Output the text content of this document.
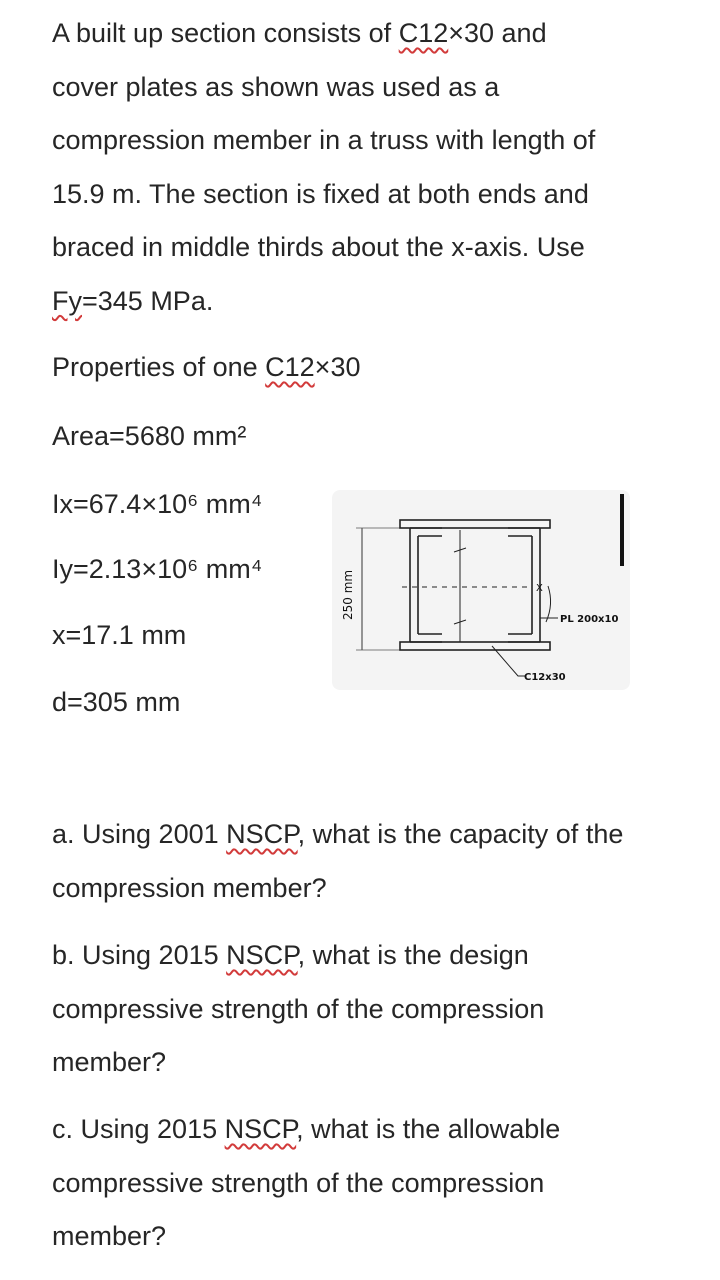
A built up section consists of C12×30 and
cover plates as shown was used as a
compression member in a truss with length of
15.9 m. The section is fixed at both ends and
braced in middle thirds about the x-axis. Use
Fy=345 MPa.
Properties of one C12×30
Area=5680 mm²
Ix=67.4×10⁶ mm⁴
Iy=2.13×10⁶ mm⁴
x=17.1 mm
d=305 mm
250 mm	X
PL 200x10
C12x30
a. Using 2001 NSCP, what is the capacity of the
compression member?
b. Using 2015 NSCP, what is the design
compressive strength of the compression
member?
c. Using 2015 NSCP, what is the allowable
compressive strength of the compression
member?
